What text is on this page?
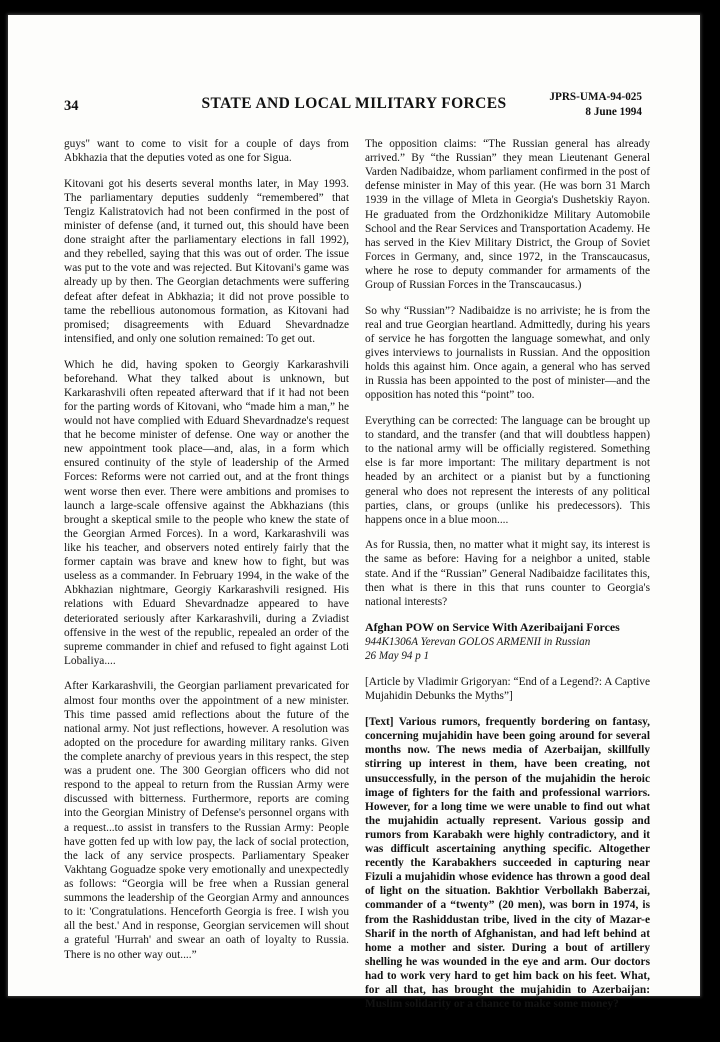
34	STATE AND LOCAL MILITARY FORCES	JPRS-UMA-94-025
8 June 1994

guys" want to come to visit for a couple of days from Abkhazia that the deputies voted as one for Sigua.

Kitovani got his deserts several months later, in May 1993. The parliamentary deputies suddenly “remembered” that Tengiz Kalistratovich had not been confirmed in the post of minister of defense (and, it turned out, this should have been done straight after the parliamentary elections in fall 1992), and they rebelled, saying that this was out of order. The issue was put to the vote and was rejected. But Kitovani's game was already up by then. The Georgian detachments were suffering defeat after defeat in Abkhazia; it did not prove possible to tame the rebellious autonomous formation, as Kitovani had promised; disagreements with Eduard Shevardnadze intensified, and only one solution remained: To get out.

Which he did, having spoken to Georgiy Karkarashvili beforehand. What they talked about is unknown, but Karkarashvili often repeated afterward that if it had not been for the parting words of Kitovani, who “made him a man,” he would not have complied with Eduard Shevardnadze's request that he become minister of defense. One way or another the new appointment took place—and, alas, in a form which ensured continuity of the style of leadership of the Armed Forces: Reforms were not carried out, and at the front things went worse then ever. There were ambitions and promises to launch a large-scale offensive against the Abkhazians (this brought a skeptical smile to the people who knew the state of the Georgian Armed Forces). In a word, Karkarashvili was like his teacher, and observers noted entirely fairly that the former captain was brave and knew how to fight, but was useless as a commander. In February 1994, in the wake of the Abkhazian nightmare, Georgiy Karkarashvili resigned. His relations with Eduard Shevardnadze appeared to have deteriorated seriously after Karkarashvili, during a Zviadist offensive in the west of the republic, repealed an order of the supreme commander in chief and refused to fight against Loti Lobaliya....

After Karkarashvili, the Georgian parliament prevaricated for almost four months over the appointment of a new minister. This time passed amid reflections about the future of the national army. Not just reflections, however. A resolution was adopted on the procedure for awarding military ranks. Given the complete anarchy of previous years in this respect, the step was a prudent one. The 300 Georgian officers who did not respond to the appeal to return from the Russian Army were discussed with bitterness. Furthermore, reports are coming into the Georgian Ministry of Defense's personnel organs with a request...to assist in transfers to the Russian Army: People have gotten fed up with low pay, the lack of social protection, the lack of any service prospects. Parliamentary Speaker Vakhtang Goguadze spoke very emotionally and unexpectedly as follows: “Georgia will be free when a Russian general summons the leadership of the Georgian Army and announces to it: 'Congratulations. Henceforth Georgia is free. I wish you all the best.' And in response, Georgian servicemen will shout a grateful 'Hurrah' and swear an oath of loyalty to Russia. There is no other way out....”

The opposition claims: “The Russian general has already arrived.” By “the Russian” they mean Lieutenant General Varden Nadibaidze, whom parliament confirmed in the post of defense minister in May of this year. (He was born 31 March 1939 in the village of Mleta in Georgia's Dushetskiy Rayon. He graduated from the Ordzhonikidze Military Automobile School and the Rear Services and Transportation Academy. He has served in the Kiev Military District, the Group of Soviet Forces in Germany, and, since 1972, in the Transcaucasus, where he rose to deputy commander for armaments of the Group of Russian Forces in the Transcaucasus.)

So why “Russian”? Nadibaidze is no arriviste; he is from the real and true Georgian heartland. Admittedly, during his years of service he has forgotten the language somewhat, and only gives interviews to journalists in Russian. And the opposition holds this against him. Once again, a general who has served in Russia has been appointed to the post of minister—and the opposition has noted this “point” too.

Everything can be corrected: The language can be brought up to standard, and the transfer (and that will doubtless happen) to the national army will be officially registered. Something else is far more important: The military department is not headed by an architect or a pianist but by a functioning general who does not represent the interests of any political parties, clans, or groups (unlike his predecessors). This happens once in a blue moon....

As for Russia, then, no matter what it might say, its interest is the same as before: Having for a neighbor a united, stable state. And if the “Russian” General Nadibaidze facilitates this, then what is there in this that runs counter to Georgia's national interests?

Afghan POW on Service With Azeribaijani Forces

944K1306A Yerevan GOLOS ARMENII in Russian

26 May 94 p 1

[Article by Vladimir Grigoryan: “End of a Legend?: A Captive Mujahidin Debunks the Myths”]

[Text] Various rumors, frequently bordering on fantasy, concerning mujahidin have been going around for several months now. The news media of Azerbaijan, skillfully stirring up interest in them, have been creating, not unsuccessfully, in the person of the mujahidin the heroic image of fighters for the faith and professional warriors. However, for a long time we were unable to find out what the mujahidin actually represent. Various gossip and rumors from Karabakh were highly contradictory, and it was difficult ascertaining anything specific. Altogether recently the Karabakhers succeeded in capturing near Fizuli a mujahidin whose evidence has thrown a good deal of light on the situation. Bakhtior Verbollakh Baberzai, commander of a “twenty” (20 men), was born in 1974, is from the Rashiddustan tribe, lived in the city of Mazar-e Sharif in the north of Afghanistan, and had left behind at home a mother and sister. During a bout of artillery shelling he was wounded in the eye and arm. Our doctors had to work very hard to get him back on his feet. What, for all that, has brought the mujahidin to Azerbaijan: Muslim solidarity or a chance to make some money?
